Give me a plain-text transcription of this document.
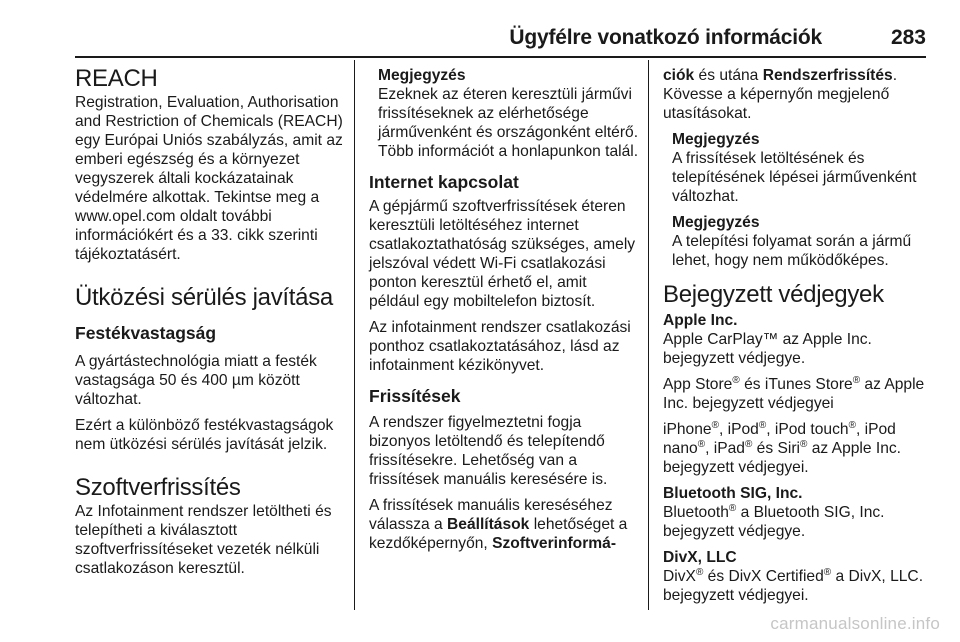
Ügyfélre vonatkozó információk	283
REACH

Registration, Evaluation, Authorisation and Restriction of Chemicals (REACH) egy Európai Uniós szabályzás, amit az emberi egészség és a környezet vegyszerek általi kockázatainak védelmére alkottak. Tekintse meg a www.opel.com oldalt további információkért és a 33. cikk szerinti tájékoztatásért.

Ütközési sérülés javítása
Festékvastagság

A gyártástechnológia miatt a festék vastagsága 50 és 400 µm között változhat.

Ezért a különböző festékvastagságok nem ütközési sérülés javítását jelzik.

Szoftverfrissítés

Az Infotainment rendszer letöltheti és telepítheti a kiválasztott szoftverfrissítéseket vezeték nélküli csatlakozáson keresztül.

Megjegyzés

Ezeknek az éteren keresztüli járművi frissítéseknek az elérhetősége járművenként és országonként eltérő. Több információt a honlapunkon talál.

Internet kapcsolat

A gépjármű szoftverfrissítések éteren keresztüli letöltéséhez internet csatlakoztathatóság szükséges, amely jelszóval védett Wi-Fi csatlakozási ponton keresztül érhető el, amit például egy mobiltelefon biztosít.

Az infotainment rendszer csatlakozási ponthoz csatlakoztatásához, lásd az infotainment kézikönyvet.

Frissítések

A rendszer figyelmeztetni fogja bizonyos letöltendő és telepítendő frissítésekre. Lehetőség van a frissítések manuális keresésére is.

A frissítések manuális kereséséhez válassza a Beállítások lehetőséget a kezdőképernyőn, Szoftverinformá-

ciók és utána Rendszerfrissítés.

Kövesse a képernyőn megjelenő utasításokat.

Megjegyzés

A frissítések letöltésének és telepítésének lépései járművenként változhat.

Megjegyzés

A telepítési folyamat során a jármű lehet, hogy nem működőképes.

Bejegyzett védjegyek

Apple Inc.

Apple CarPlay™ az Apple Inc. bejegyzett védjegye.

App Store® és iTunes Store® az Apple Inc. bejegyzett védjegyei

iPhone®, iPod®, iPod touch®, iPod nano®, iPad® és Siri® az Apple Inc. bejegyzett védjegyei.

Bluetooth SIG, Inc.

Bluetooth® a Bluetooth SIG, Inc. bejegyzett védjegye.

DivX, LLC

DivX® és DivX Certified® a DivX, LLC. bejegyzett védjegyei.

carmanualsonline.info
